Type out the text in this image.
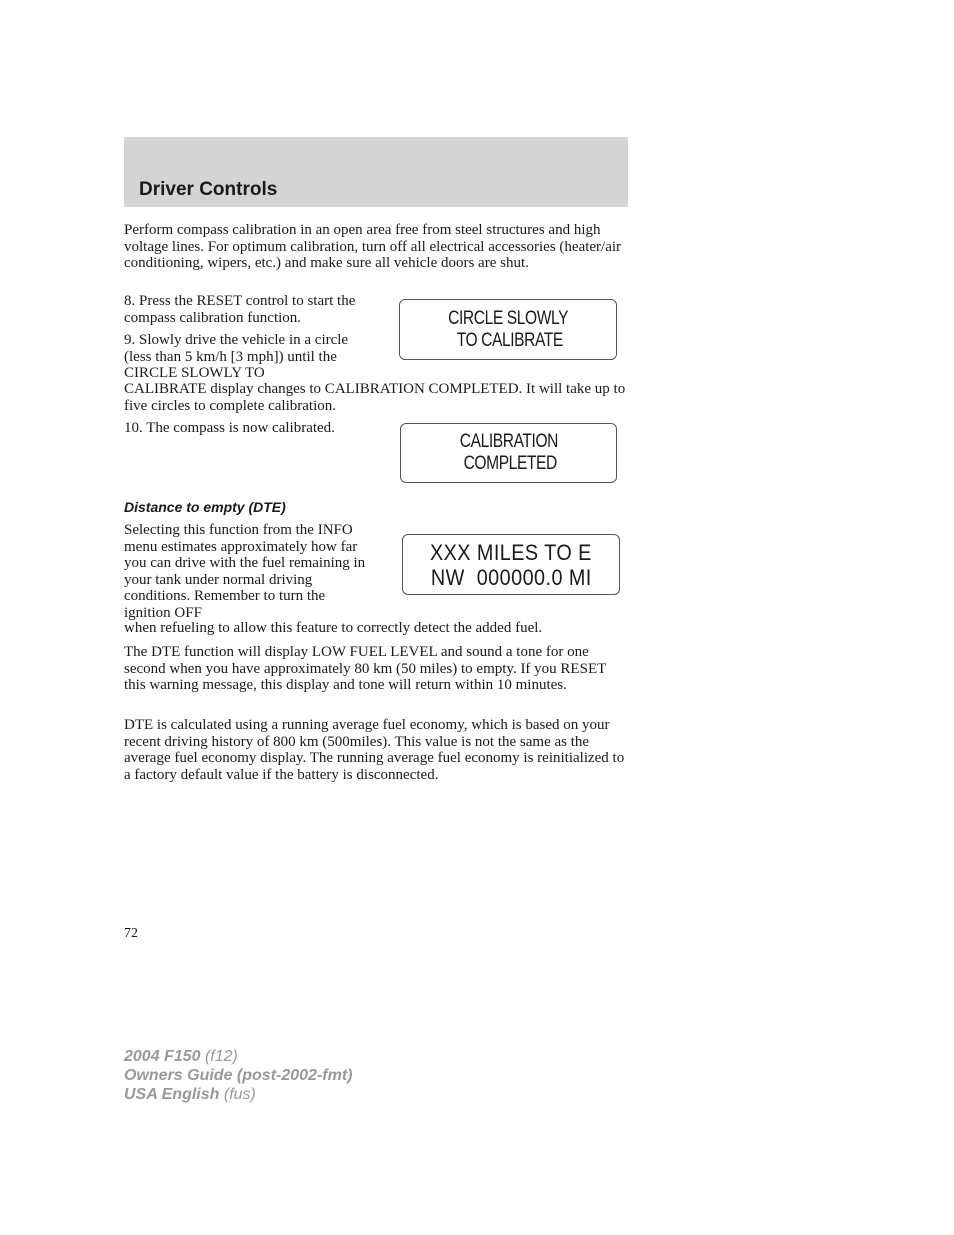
Driver Controls

Perform compass calibration in an open area free from steel structures and high voltage lines. For optimum calibration, turn off all electrical accessories (heater/air conditioning, wipers, etc.) and make sure all vehicle doors are shut.

8. Press the RESET control to start the compass calibration function.

9. Slowly drive the vehicle in a circle (less than 5 km/h [3 mph]) until the CIRCLE SLOWLY TO

CALIBRATE display changes to CALIBRATION COMPLETED. It will take up to five circles to complete calibration.

10. The compass is now calibrated.

CIRCLE SLOWLY
TO CALIBRATE
CALIBRATION
COMPLETED
Distance to empty (DTE)

Selecting this function from the INFO menu estimates approximately how far you can drive with the fuel remaining in your tank under normal driving conditions. Remember to turn the ignition OFF

when refueling to allow this feature to correctly detect the added fuel.

XXX MILES TO E
NW  000000.0 MI

The DTE function will display LOW FUEL LEVEL and sound a tone for one second when you have approximately 80 km (50 miles) to empty. If you RESET this warning message, this display and tone will return within 10 minutes.

DTE is calculated using a running average fuel economy, which is based on your recent driving history of 800 km (500miles). This value is not the same as the average fuel economy display. The running average fuel economy is reinitialized to a factory default value if the battery is disconnected.

72

2004 F150 (f12)
Owners Guide (post-2002-fmt)
USA English (fus)
